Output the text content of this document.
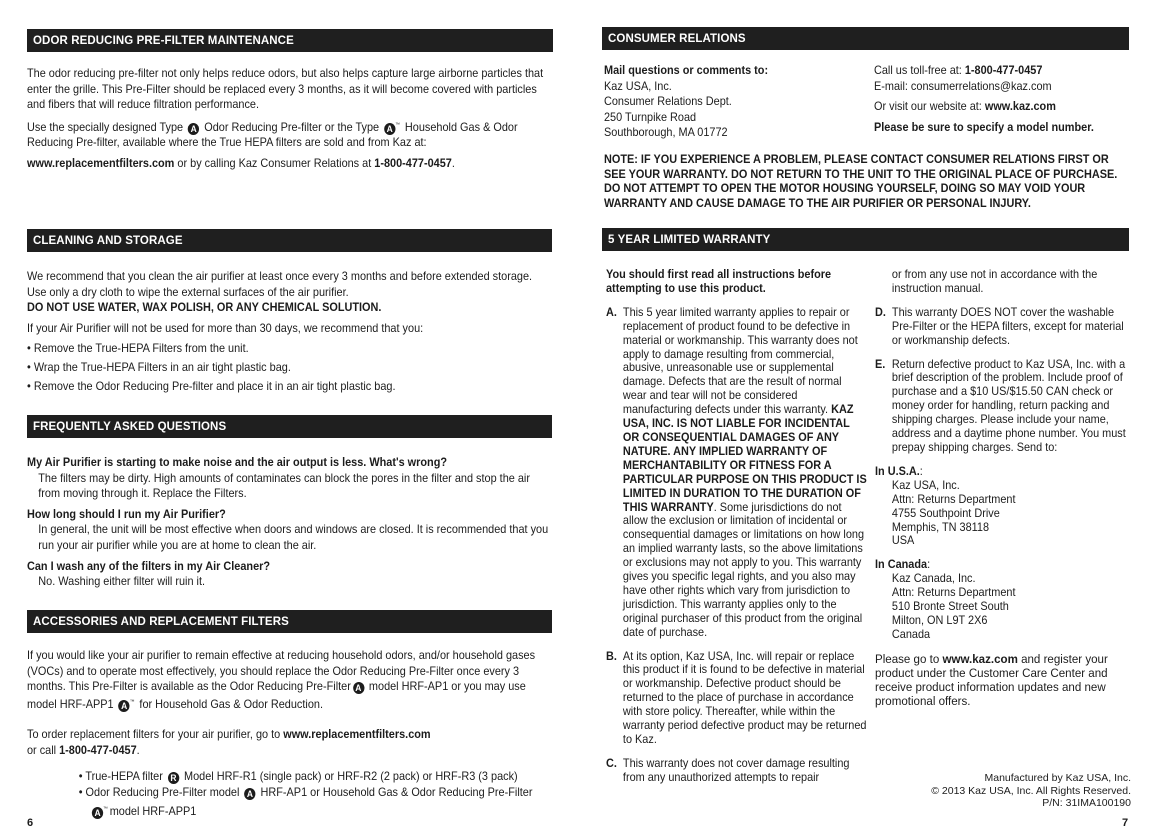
ODOR REDUCING PRE-FILTER MAINTENANCE

The odor reducing pre-filter not only helps reduce odors, but also helps capture large airborne particles that enter the grille. This Pre-Filter should be replaced every 3 months, as it will become covered with particles and fibers that will reduce filtration performance.

Use the specially designed Type A Odor Reducing Pre-filter or the Type A ™ Household Gas & Odor Reducing Pre-filter, available where the True HEPA filters are sold and from Kaz at:

www.replacementfilters.com or by calling Kaz Consumer Relations at 1-800-477-0457.

CLEANING AND STORAGE

We recommend that you clean the air purifier at least once every 3 months and before extended storage. Use only a dry cloth to wipe the external surfaces of the air purifier.

DO NOT USE WATER, WAX POLISH, OR ANY CHEMICAL SOLUTION.

If your Air Purifier will not be used for more than 30 days, we recommend that you:

• Remove the True-HEPA Filters from the unit.

• Wrap the True-HEPA Filters in an air tight plastic bag.

• Remove the Odor Reducing Pre-filter and place it in an air tight plastic bag.

FREQUENTLY ASKED QUESTIONS

My Air Purifier is starting to make noise and the air output is less. What's wrong?

The filters may be dirty. High amounts of contaminates can block the pores in the filter and stop the air from moving through it. Replace the Filters.

How long should I run my Air Purifier?

In general, the unit will be most effective when doors and windows are closed. It is recommended that you run your air purifier while you are at home to clean the air.

Can I wash any of the filters in my Air Cleaner?

No. Washing either filter will ruin it.

ACCESSORIES AND REPLACEMENT FILTERS

If you would like your air purifier to remain effective at reducing household odors, and/or household gases (VOCs) and to operate most effectively, you should replace the Odor Reducing Pre-Filter once every 3 months. This Pre-Filter is available as the Odor Reducing Pre-Filter A model HRF-AP1 or you may use model HRF-APP1 A ™ for Household Gas & Odor Reduction.

To order replacement filters for your air purifier, go to www.replacementfilters.com
or call 1-800-477-0457.

• True-HEPA filter R Model HRF-R1 (single pack) or HRF-R2 (2 pack) or HRF-R3 (3 pack)

• Odor Reducing Pre-Filter model A HRF-AP1 or Household Gas & Odor Reducing Pre-Filter

A ™ model HRF-APP1

6
CONSUMER RELATIONS

Mail questions or comments to:

Kaz USA, Inc.

Consumer Relations Dept.

250 Turnpike Road

Southborough, MA 01772

Call us toll-free at: 1-800-477-0457

E-mail: consumerrelations@kaz.com

Or visit our website at: www.kaz.com

Please be sure to specify a model number.

NOTE: IF YOU EXPERIENCE A PROBLEM, PLEASE CONTACT CONSUMER RELATIONS FIRST OR SEE YOUR WARRANTY. DO NOT RETURN TO THE UNIT TO THE ORIGINAL PLACE OF PURCHASE. DO NOT ATTEMPT TO OPEN THE MOTOR HOUSING YOURSELF, DOING SO MAY VOID YOUR WARRANTY AND CAUSE DAMAGE TO THE AIR PURIFIER OR PERSONAL INJURY.
5 YEAR LIMITED WARRANTY

You should first read all instructions before attempting to use this product.

A. This 5 year limited warranty applies to repair or replacement of product found to be defective in material or workmanship. This warranty does not apply to damage resulting from commercial, abusive, unreasonable use or supplemental damage. Defects that are the result of normal wear and tear will not be considered manufacturing defects under this warranty. KAZ USA, INC. IS NOT LIABLE FOR INCIDENTAL OR CONSEQUENTIAL DAMAGES OF ANY NATURE. ANY IMPLIED WARRANTY OF MERCHANTABILITY OR FITNESS FOR A PARTICULAR PURPOSE ON THIS PRODUCT IS LIMITED IN DURATION TO THE DURATION OF THIS WARRANTY. Some jurisdictions do not allow the exclusion or limitation of incidental or consequential damages or limitations on how long an implied warranty lasts, so the above limitations or exclusions may not apply to you. This warranty gives you specific legal rights, and you also may have other rights which vary from jurisdiction to jurisdiction. This warranty applies only to the original purchaser of this product from the original date of purchase.

B. At its option, Kaz USA, Inc. will repair or replace this product if it is found to be defective in material or workmanship. Defective product should be returned to the place of purchase in accordance with store policy. Thereafter, while within the warranty period defective product may be returned to Kaz.

C. This warranty does not cover damage resulting from any unauthorized attempts to repair

or from any use not in accordance with the instruction manual.

D. This warranty DOES NOT cover the washable Pre-Filter or the HEPA filters, except for material or workmanship defects.

E. Return defective product to Kaz USA, Inc. with a brief description of the problem. Include proof of purchase and a $10 US/$15.50 CAN check or money order for handling, return packing and shipping charges. Please include your name, address and a daytime phone number. You must prepay shipping charges. Send to:

In U.S.A.:

Kaz USA, Inc.

Attn: Returns Department

4755 Southpoint Drive

Memphis, TN 38118

USA

In Canada:

Kaz Canada, Inc.

Attn: Returns Department

510 Bronte Street South

Milton, ON L9T 2X6

Canada

Please go to www.kaz.com and register your product under the Customer Care Center and receive product information updates and new promotional offers.

Manufactured by Kaz USA, Inc.

© 2013 Kaz USA, Inc. All Rights Reserved.

P/N: 31IMA100190

7
